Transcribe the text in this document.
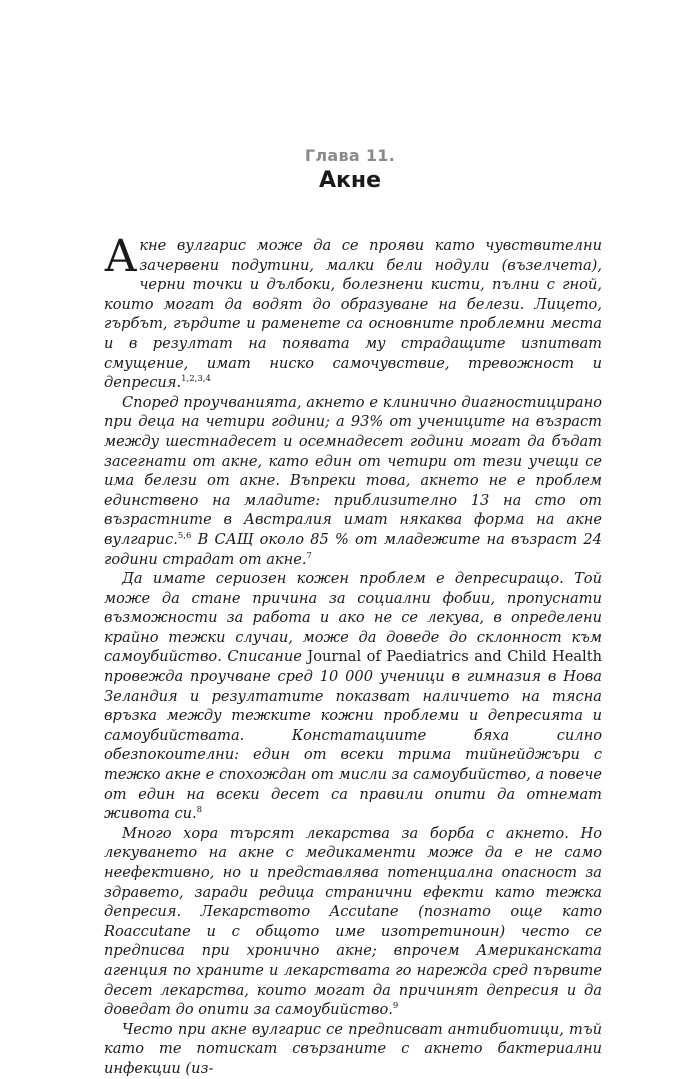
Глава 11.
Акне

Акне вулгарис може да се прояви като чувствителни зачервени подутини, малки бели нодули (възелчета), черни точки и дълбоки, болезнени кисти, пълни с гной, които могат да водят до образуване на белези. Лицето, гърбът, гърдите и раменете са основните проблемни места и в резултат на появата му страдащите изпитват смущение, имат ниско самочувствие, тревожност и депресия.$^{1,2,3,4}$

Според проучванията, акнето е клинично диагностицирано при деца на четири години; а 93% от учениците на възраст между шестнадесет и осемнадесет години могат да бъдат засегнати от акне, като един от четири от тези учещи се има белези от акне. Въпреки това, акнето не е проблем единствено на младите: приблизително 13 на сто от възрастните в Австралия имат някаква форма на акне вулгарис.$^{5,6}$ В САЩ около 85 % от младежите на възраст 24 години страдат от акне.$^7$

Да имате сериозен кожен проблем е депресиращо. Той може да стане причина за социални фобии, пропуснати възможности за работа и ако не се лекува, в определени крайно тежки случаи, може да доведе до склонност към самоубийство. Списание Journal of Paediatrics and Child Health провежда проучване сред 10 000 ученици в гимназия в Нова Зеландия и резултатите показват наличието на тясна връзка между тежките кожни проблеми и депресията и самоубийствата. Констатациите бяха силно обезпокоителни: един от всеки трима тийнейджъри с тежко акне е спохождан от мисли за самоубийство, а повече от един на всеки десет са правили опити да отнемат живота си.$^8$

Много хора търсят лекарства за борба с акнето. Но лекуването на акне с медикаменти може да е не само неефективно, но и представлява потенциална опасност за здравето, заради редица странични ефекти като тежка депресия. Лекарството Accutane (познато още като Roaccutane и с общото име изотретиноин) често се предписва при хронично акне; впрочем Американската агенция по храните и лекарствата го нарежда сред първите десет лекарства, които могат да причинят депресия и да доведат до опити за самоубийство.$^9$

Често при акне вулгарис се предписват антибиотици, тъй като те потискат свързаните с акнето бактериални инфекции (из-
